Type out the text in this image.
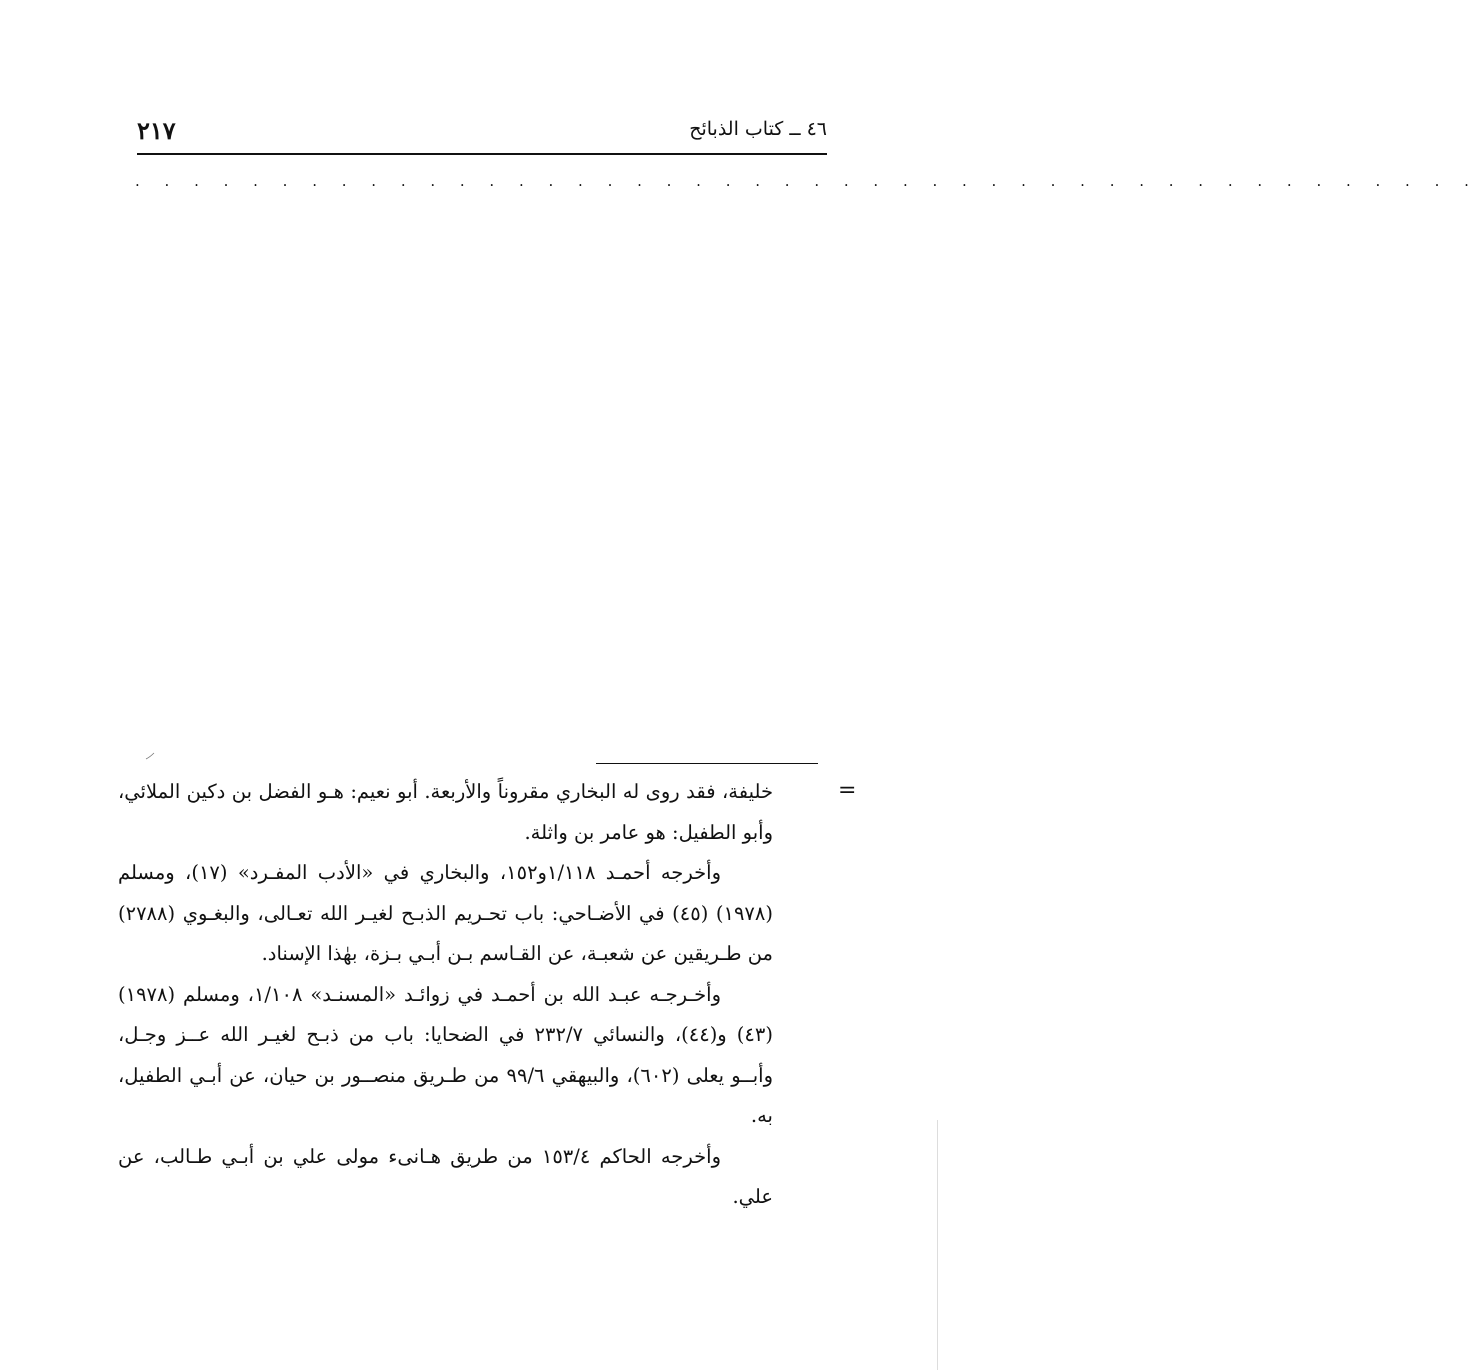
٢١٧	٤٦ ــ كتاب الذبائح
. . . . . . . . . . . . . . . . . . . . . . . . . . . . . . . . . . . . . . . . . . . . . .
=

خليفة، فقد روى له البخاري مقروناً والأربعة. أبو نعيم: هـو الفضل بن دكين الملائي، وأبو الطفيل: هو عامر بن واثلة.

وأخرجه أحمـد ١/١١٨و١٥٢، والبخاري في «الأدب المفـرد» (١٧)، ومسلم (١٩٧٨) (٤٥) في الأضـاحي: باب تحـريم الذبـح لغيـر الله تعـالى، والبغـوي (٢٧٨٨) من طـريقين عن شعبـة، عن القـاسم بـن أبـي بـزة، بهٰذا الإسناد.

وأخـرجـه عبـد الله بن أحمـد في زوائـد «المسنـد» ١/١٠٨، ومسلم (١٩٧٨) (٤٣) و(٤٤)، والنسائي ٢٣٢/٧ في الضحايا: باب من ذبـح لغيـر الله عــز وجـل، وأبــو يعلى (٦٠٢)، والبيهقي ٩٩/٦ من طـريق منصــور بن حيان، عن أبـي الطفيل، به.

وأخرجه الحاكم ١٥٣/٤ من طريق هـانىء مولى علي بن أبـي طـالب، عن علي.
